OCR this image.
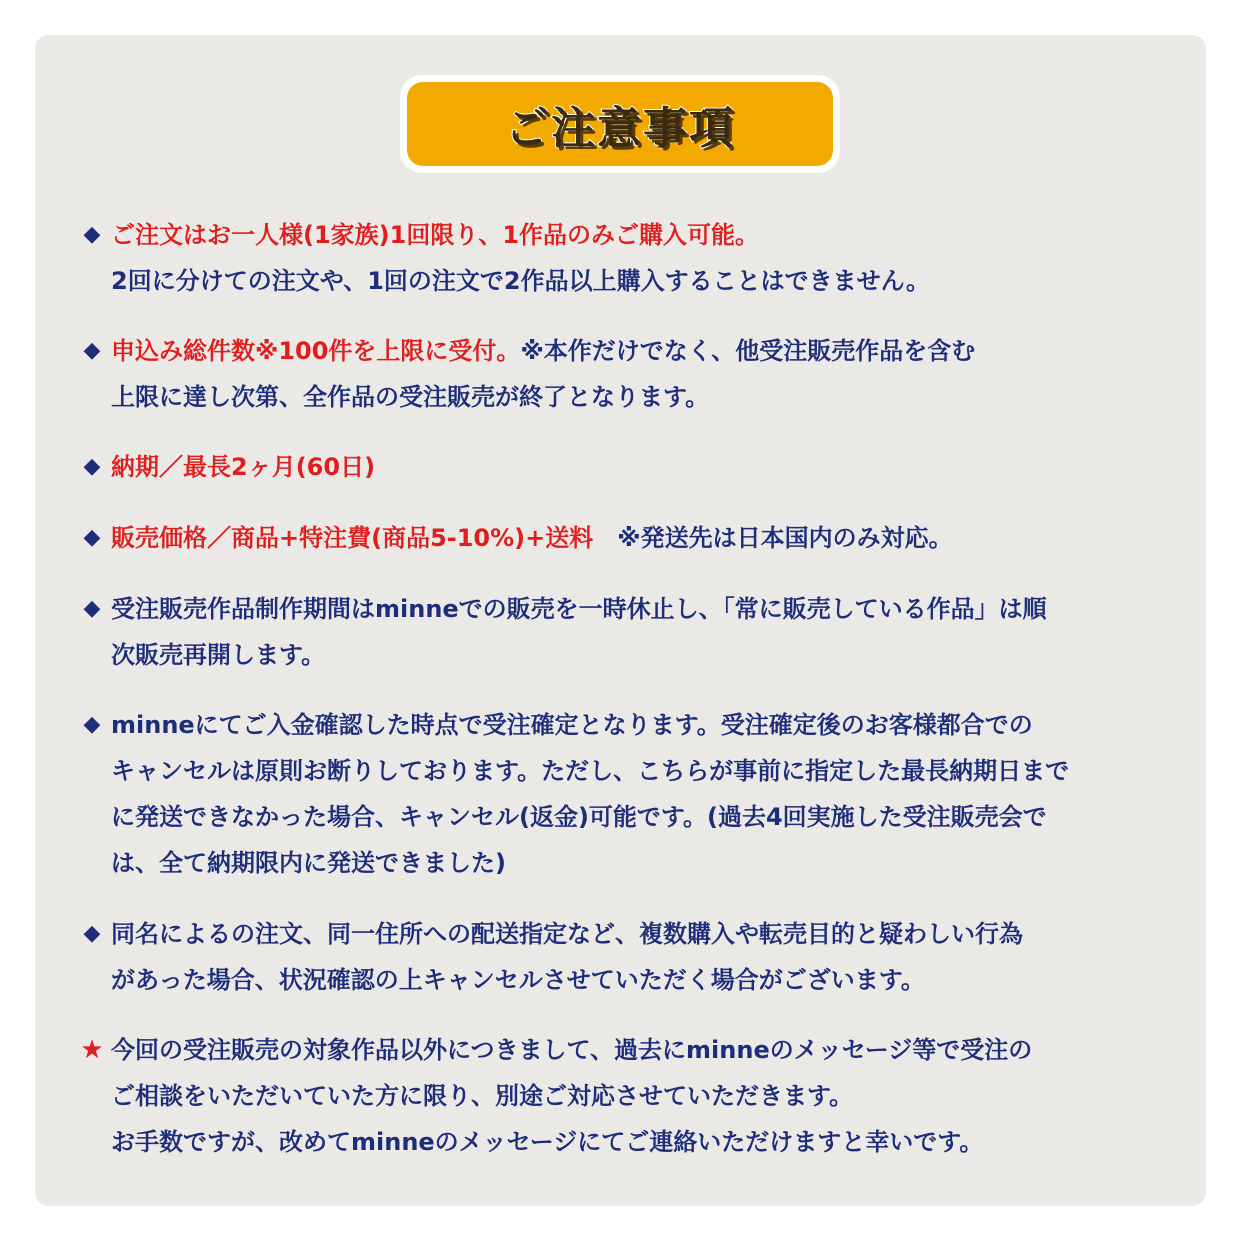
ご注意事項
◆ ご注文はお一人様(1家族)1回限り、1作品のみご購入可能。
2回に分けての注文や、1回の注文で2作品以上購入することはできません。
◆ 申込み総件数※100件を上限に受付。※本作だけでなく、他受注販売作品を含む
上限に達し次第、全作品の受注販売が終了となります。
◆ 納期／最長2ヶ月(60日)
◆ 販売価格／商品+特注費(商品5-10%)+送料　※発送先は日本国内のみ対応。
◆ 受注販売作品制作期間はminneでの販売を一時休止し、「常に販売している作品」は順
次販売再開します。
◆ minneにてご入金確認した時点で受注確定となります。受注確定後のお客様都合での
キャンセルは原則お断りしております。ただし、こちらが事前に指定した最長納期日まで
に発送できなかった場合、キャンセル(返金)可能です。(過去4回実施した受注販売会で
は、全て納期限内に発送できました)
◆ 同名によるの注文、同一住所への配送指定など、複数購入や転売目的と疑わしい行為
があった場合、状況確認の上キャンセルさせていただく場合がございます。
★ 今回の受注販売の対象作品以外につきまして、過去にminneのメッセージ等で受注の
ご相談をいただいていた方に限り、別途ご対応させていただきます。
お手数ですが、改めてminneのメッセージにてご連絡いただけますと幸いです。
